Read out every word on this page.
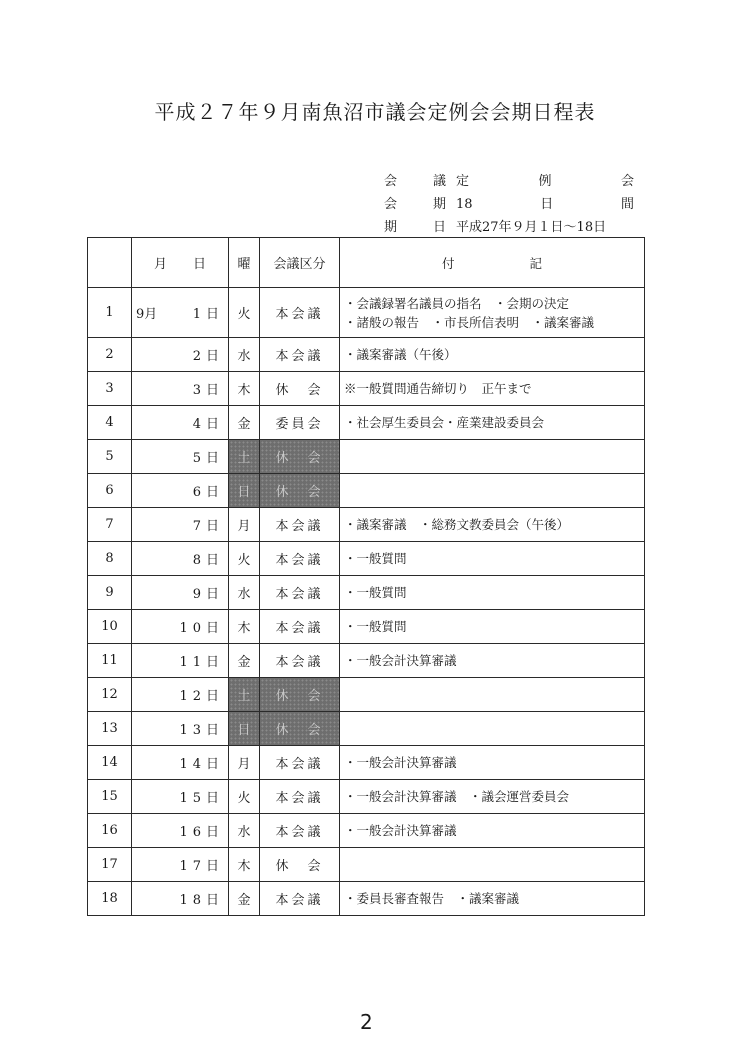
平成２７年９月南魚沼市議会定例会会期日程表
会	議 定	例	会
会	期 18	日	間
期	日 平成27年９月１日～18日
	月　　日	曜	会議区分	付　　　　　　記
1	9月 1日	火	本会議	・会議録署名議員の指名　・会期の決定
・諸般の報告　・市長所信表明　・議案審議

2	2日	水	本会議	・議案審議（午後）

3	3日	木	休　会	※一般質問通告締切り　正午まで

4	4日	金	委員会	・社会厚生委員会・産業建設委員会

5	5日	土	休　会	

6	6日	日	休　会	

7	7日	月	本会議	・議案審議　・総務文教委員会（午後）

8	8日	火	本会議	・一般質問

9	9日	水	本会議	・一般質問

10	10日	木	本会議	・一般質問

11	11日	金	本会議	・一般会計決算審議

12	12日	土	休　会	

13	13日	日	休　会	

14	14日	月	本会議	・一般会計決算審議

15	15日	火	本会議	・一般会計決算審議　・議会運営委員会

16	16日	水	本会議	・一般会計決算審議

17	17日	木	休　会	

18	18日	金	本会議	・委員長審査報告　・議案審議
2
